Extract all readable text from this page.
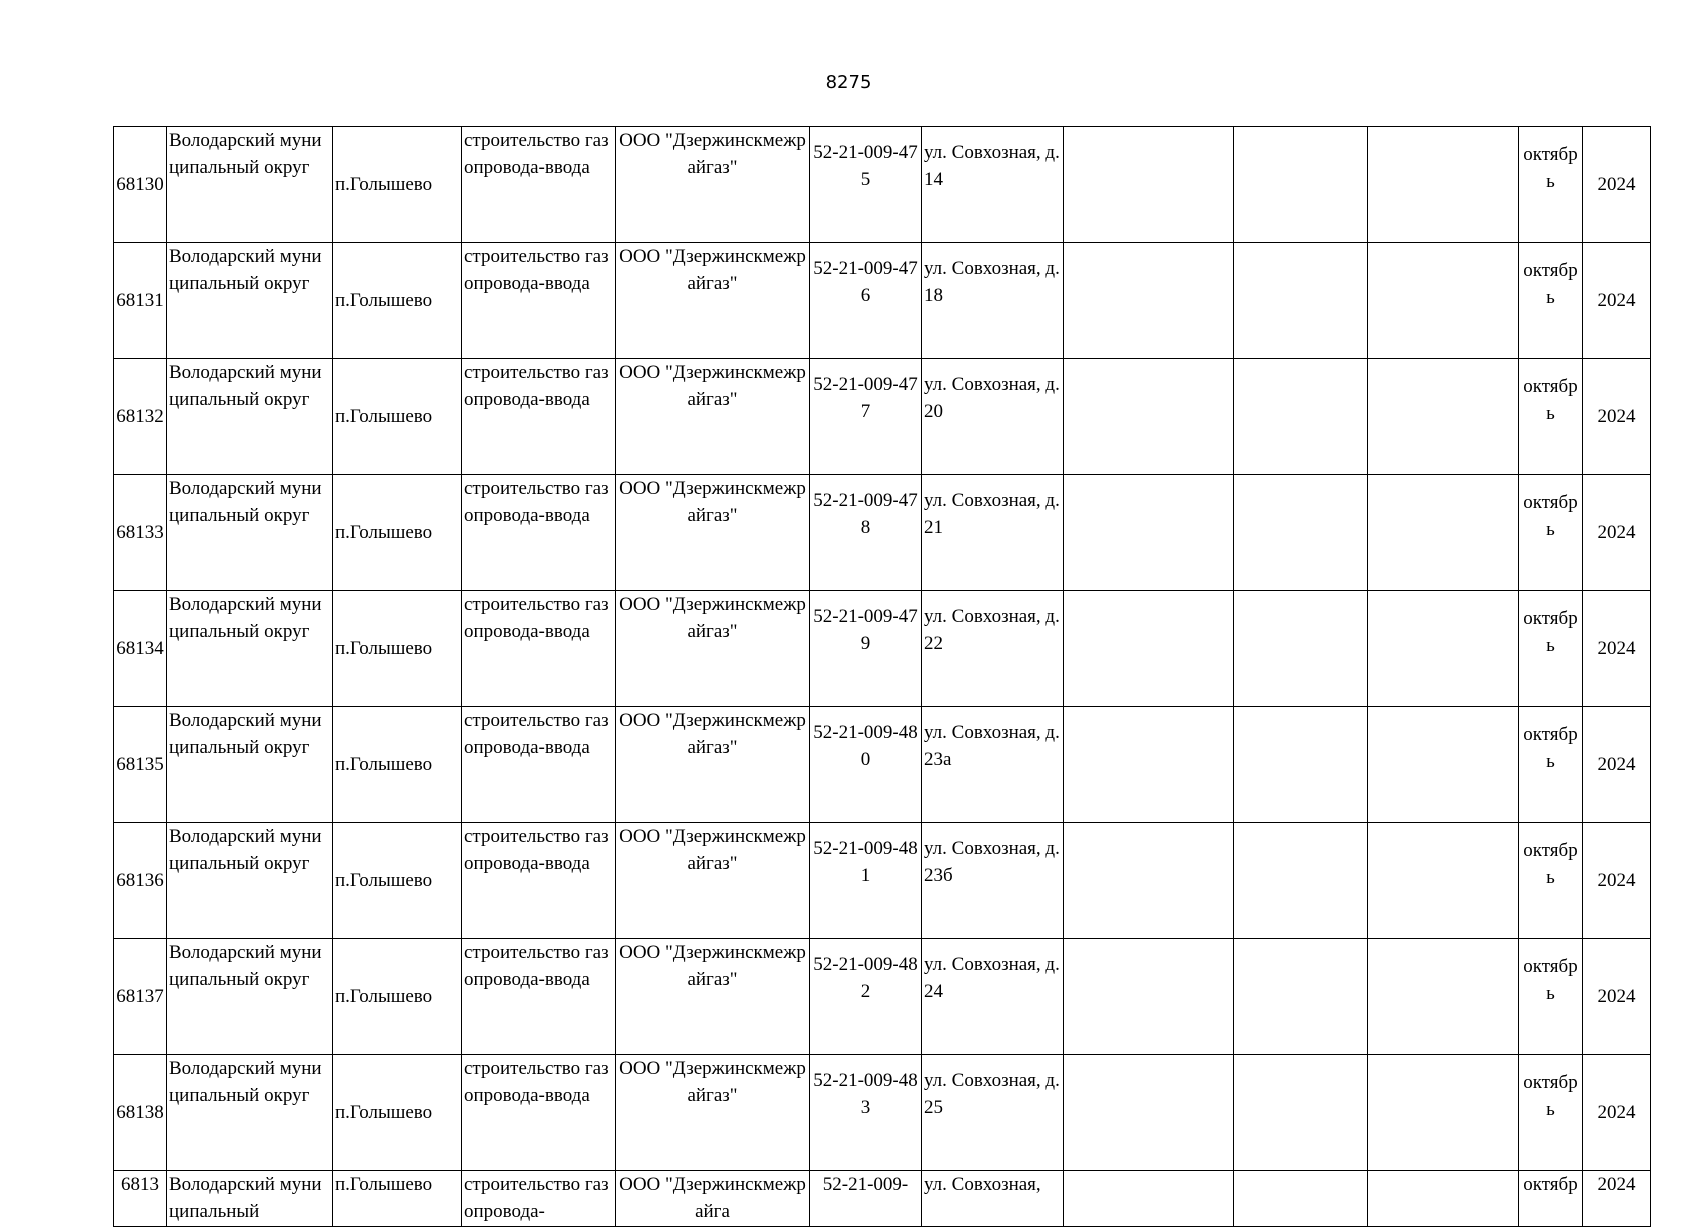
8275
68130	Володарский муниципальный округ	п.Голышево	строительство газопровода-ввода	ООО "Дзержинскмежрайгаз"	52-21-009-475	ул. Совхозная, д. 14				октябрь	2024
68131	Володарский муниципальный округ	п.Голышево	строительство газопровода-ввода	ООО "Дзержинскмежрайгаз"	52-21-009-476	ул. Совхозная, д. 18				октябрь	2024
68132	Володарский муниципальный округ	п.Голышево	строительство газопровода-ввода	ООО "Дзержинскмежрайгаз"	52-21-009-477	ул. Совхозная, д. 20				октябрь	2024
68133	Володарский муниципальный округ	п.Голышево	строительство газопровода-ввода	ООО "Дзержинскмежрайгаз"	52-21-009-478	ул. Совхозная, д. 21				октябрь	2024
68134	Володарский муниципальный округ	п.Голышево	строительство газопровода-ввода	ООО "Дзержинскмежрайгаз"	52-21-009-479	ул. Совхозная, д. 22				октябрь	2024
68135	Володарский муниципальный округ	п.Голышево	строительство газопровода-ввода	ООО "Дзержинскмежрайгаз"	52-21-009-480	ул. Совхозная, д. 23а				октябрь	2024
68136	Володарский муниципальный округ	п.Голышево	строительство газопровода-ввода	ООО "Дзержинскмежрайгаз"	52-21-009-481	ул. Совхозная, д. 23б				октябрь	2024
68137	Володарский муниципальный округ	п.Голышево	строительство газопровода-ввода	ООО "Дзержинскмежрайгаз"	52-21-009-482	ул. Совхозная, д. 24				октябрь	2024
68138	Володарский муниципальный округ	п.Голышево	строительство газопровода-ввода	ООО "Дзержинскмежрайгаз"	52-21-009-483	ул. Совхозная, д. 25				октябрь	2024
6813	Володарский муниципальный	п.Голышево	строительство газопровода-	ООО "Дзержинскмежрайга	52-21-009-	ул. Совхозная,				октябр	2024
